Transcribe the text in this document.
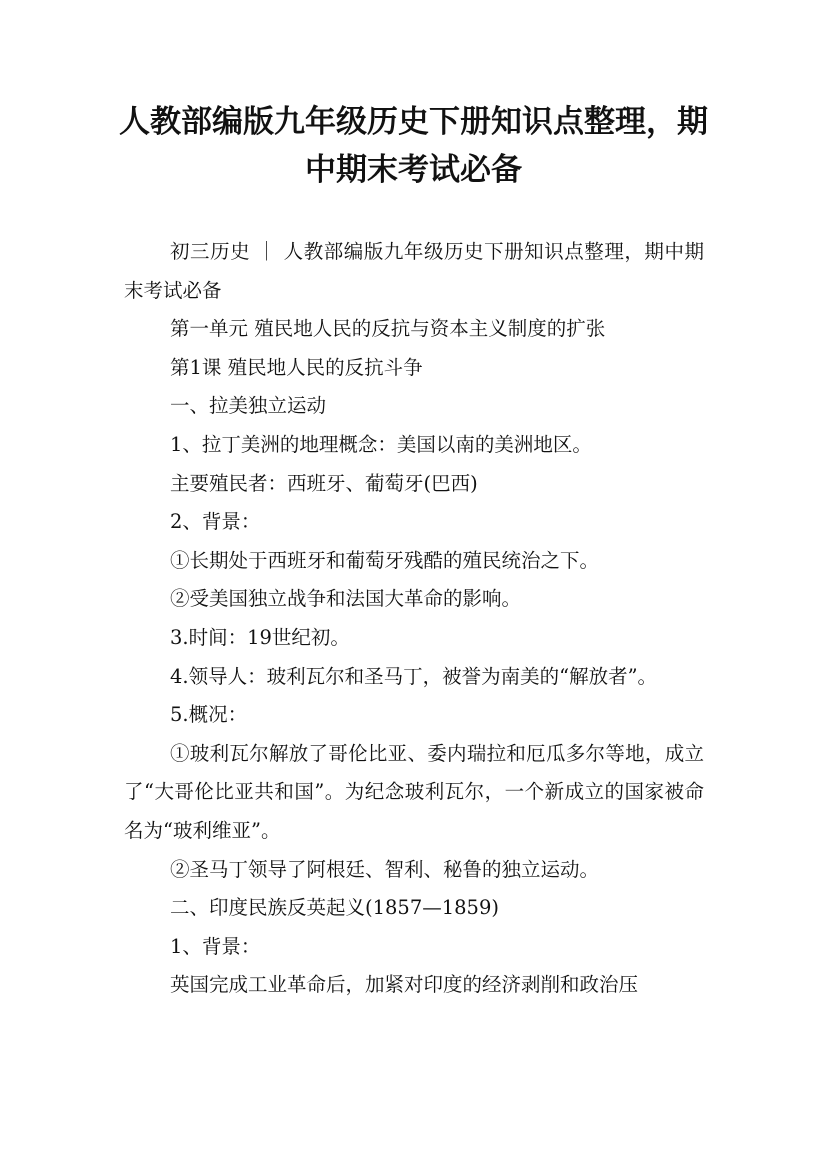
人教部编版九年级历史下册知识点整理，期
中期末考试必备

初三历史 ｜ 人教部编版九年级历史下册知识点整理，期中期末考试必备

第一单元 殖民地人民的反抗与资本主义制度的扩张

第1课 殖民地人民的反抗斗争

一、拉美独立运动

1、拉丁美洲的地理概念：美国以南的美洲地区。

主要殖民者：西班牙、葡萄牙(巴西)

2、背景：

①长期处于西班牙和葡萄牙残酷的殖民统治之下。

②受美国独立战争和法国大革命的影响。

3.时间：19世纪初。

4.领导人：玻利瓦尔和圣马丁，被誉为南美的“解放者”。

5.概况：

①玻利瓦尔解放了哥伦比亚、委内瑞拉和厄瓜多尔等地，成立了“大哥伦比亚共和国”。为纪念玻利瓦尔，一个新成立的国家被命名为“玻利维亚”。

②圣马丁领导了阿根廷、智利、秘鲁的独立运动。

二、印度民族反英起义(1857—1859)

1、背景：

英国完成工业革命后，加紧对印度的经济剥削和政治压
